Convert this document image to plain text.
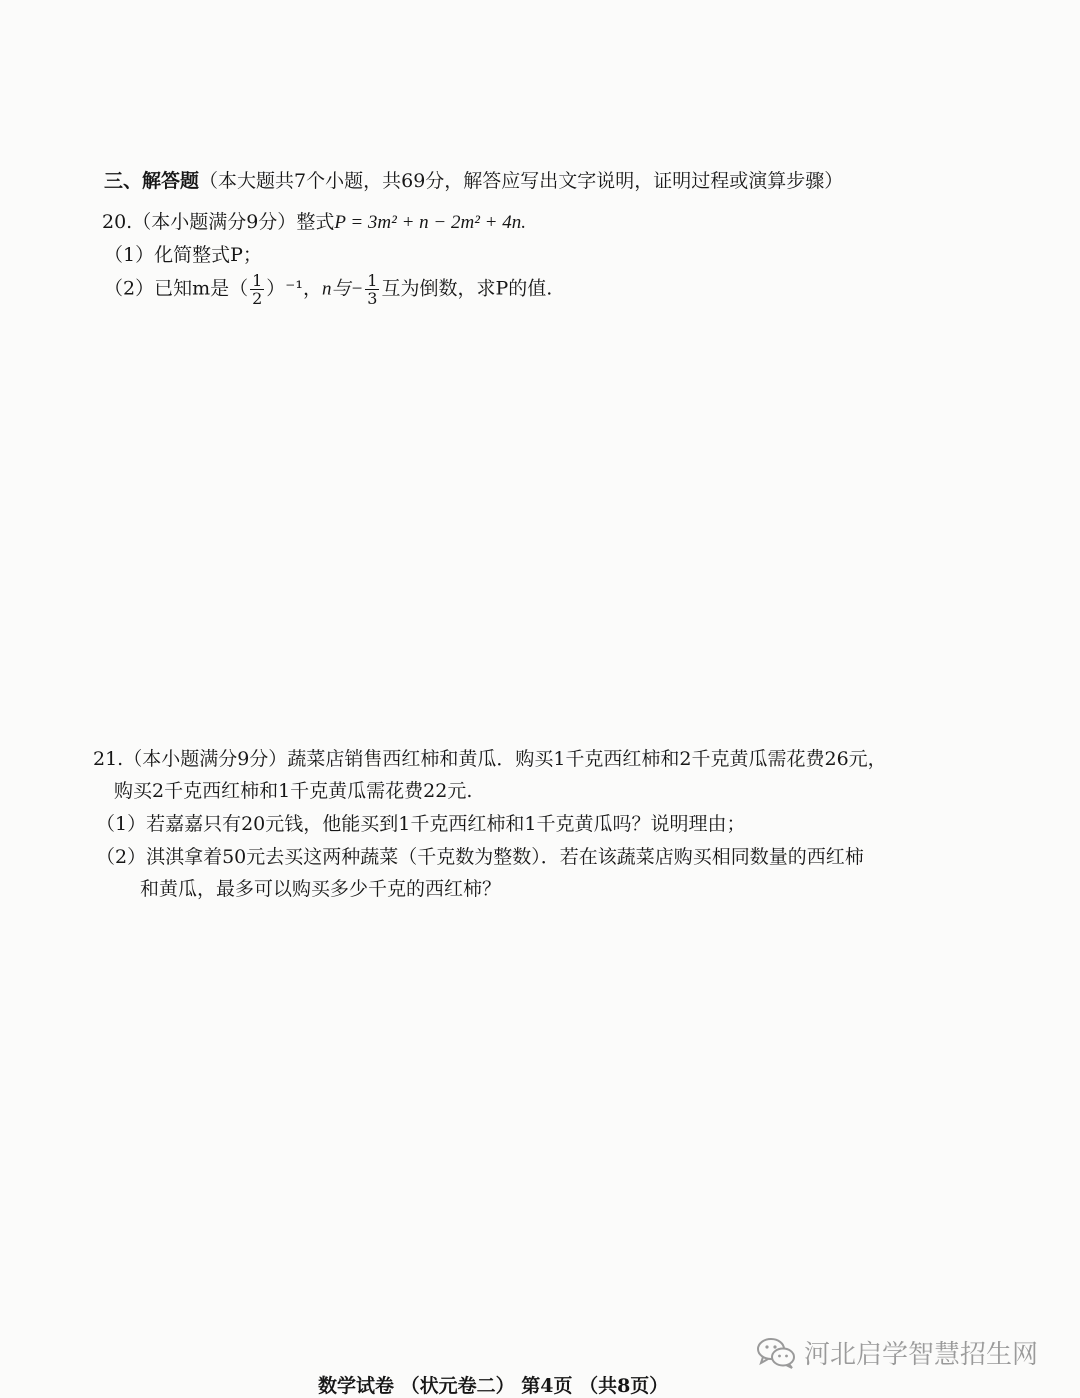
三、解答题（本大题共7个小题，共69分，解答应写出文字说明，证明过程或演算步骤）
20.（本小题满分9分）整式P = 3m² + n − 2m² + 4n.
（1）化简整式P；
（2）已知m是（ $\frac{1}{2} )^{-1}$，n与− $\frac{1}{3}$ 互为倒数，求P的值.
21.（本小题满分9分）蔬菜店销售西红柿和黄瓜．购买1千克西红柿和2千克黄瓜需花费26元，
购买2千克西红柿和1千克黄瓜需花费22元.
（1）若嘉嘉只有20元钱，他能买到1千克西红柿和1千克黄瓜吗？说明理由；
（2）淇淇拿着50元去买这两种蔬菜（千克数为整数）．若在该蔬菜店购买相同数量的西红柿
和黄瓜，最多可以购买多少千克的西红柿？
河北启学智慧招生网
数学试卷 （状元卷二） 第4页 （共8页）
